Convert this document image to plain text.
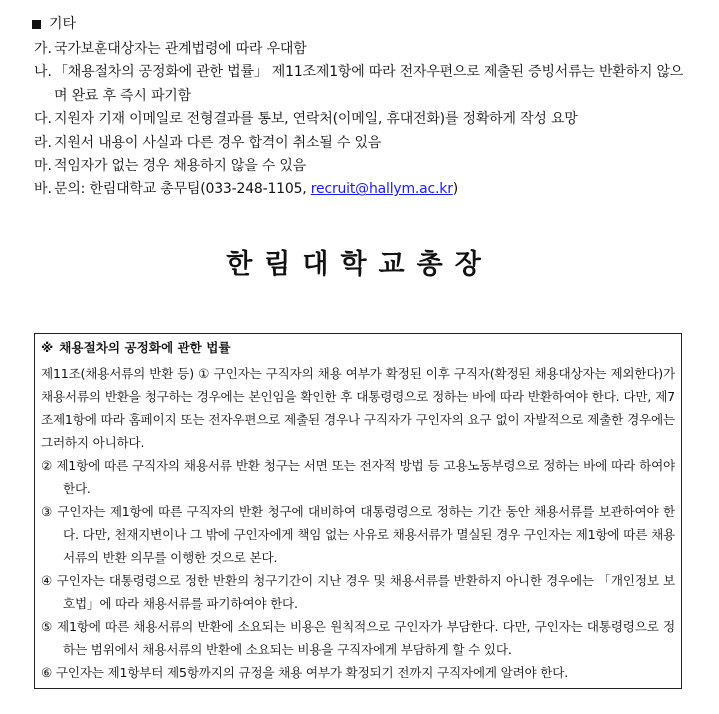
기타
가. 국가보훈대상자는 관계법령에 따라 우대함
나. 「채용절차의 공정화에 관한 법률」 제11조제1항에 따라 전자우편으로 제출된 증빙서류는 반환하지 않으며 완료 후 즉시 파기함
다. 지원자 기재 이메일로 전형결과를 통보, 연락처(이메일, 휴대전화)를 정확하게 작성 요망
라. 지원서 내용이 사실과 다른 경우 합격이 취소될 수 있음
마. 적임자가 없는 경우 채용하지 않을 수 있음
바. 문의: 한림대학교 총무팀(033-248-1105, recruit@hallym.ac.kr)
한림대학교총장
※ 채용절차의 공정화에 관한 법률
제11조(채용서류의 반환 등) ① 구인자는 구직자의 채용 여부가 확정된 이후 구직자(확정된 채용대상자는 제외한다)가 채용서류의 반환을 청구하는 경우에는 본인임을 확인한 후 대통령령으로 정하는 바에 따라 반환하여야 한다. 다만, 제7조제1항에 따라 홈페이지 또는 전자우편으로 제출된 경우나 구직자가 구인자의 요구 없이 자발적으로 제출한 경우에는 그러하지 아니하다.
② 제1항에 따른 구직자의 채용서류 반환 청구는 서면 또는 전자적 방법 등 고용노동부령으로 정하는 바에 따라 하여야 한다.
③ 구인자는 제1항에 따른 구직자의 반환 청구에 대비하여 대통령령으로 정하는 기간 동안 채용서류를 보관하여야 한다. 다만, 천재지변이나 그 밖에 구인자에게 책임 없는 사유로 채용서류가 멸실된 경우 구인자는 제1항에 따른 채용서류의 반환 의무를 이행한 것으로 본다.
④ 구인자는 대통령령으로 정한 반환의 청구기간이 지난 경우 및 채용서류를 반환하지 아니한 경우에는 「개인정보 보호법」에 따라 채용서류를 파기하여야 한다.
⑤ 제1항에 따른 채용서류의 반환에 소요되는 비용은 원칙적으로 구인자가 부담한다. 다만, 구인자는 대통령령으로 정하는 범위에서 채용서류의 반환에 소요되는 비용을 구직자에게 부담하게 할 수 있다.
⑥ 구인자는 제1항부터 제5항까지의 규정을 채용 여부가 확정되기 전까지 구직자에게 알려야 한다.
